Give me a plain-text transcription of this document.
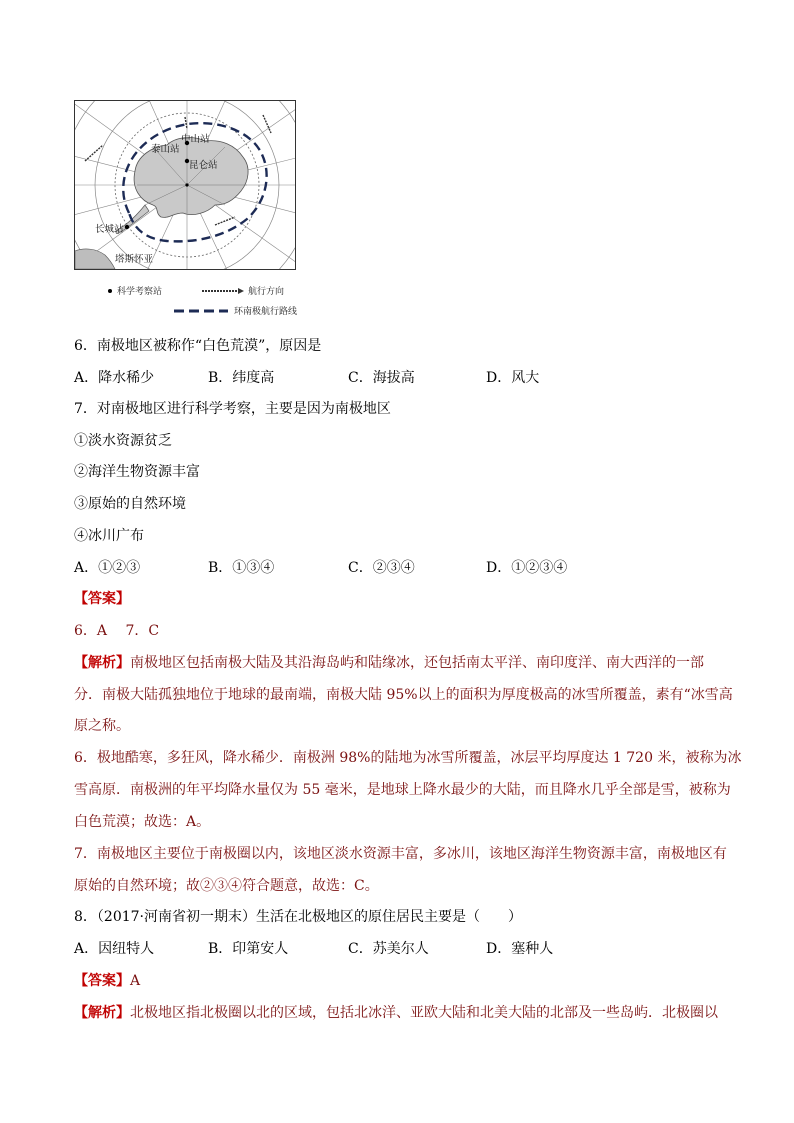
中山站
泰山站
昆仑站
长城站
塔斯怀亚
科学考察站	航行方向
环南极航行路线
6．南极地区被称作“白色荒漠”，原因是
A．降水稀少	B．纬度高	C．海拔高	D．风大
7．对南极地区进行科学考察，主要是因为南极地区
①淡水资源贫乏
②海洋生物资源丰富
③原始的自然环境
④冰川广布
A．①②③	B．①③④	C．②③④	D．①②③④
【答案】
6．A　 7．C
【解析】南极地区包括南极大陆及其沿海岛屿和陆缘冰，还包括南太平洋、南印度洋、南大西洋的一部
分．南极大陆孤独地位于地球的最南端，南极大陆 95%以上的面积为厚度极高的冰雪所覆盖，素有“冰雪高
原之称。
6．极地酷寒，多狂风，降水稀少．南极洲 98%的陆地为冰雪所覆盖，冰层平均厚度达 1 720 米，被称为冰
雪高原．南极洲的年平均降水量仅为 55 毫米，是地球上降水最少的大陆，而且降水几乎全部是雪，被称为
白色荒漠；故选：A。
7．南极地区主要位于南极圈以内，该地区淡水资源丰富，多冰川，该地区海洋生物资源丰富，南极地区有
原始的自然环境；故②③④符合题意，故选：C。
8．（2017·河南省初一期末）生活在北极地区的原住居民主要是（　　）
A．因纽特人	B．印第安人	C．苏美尔人	D．塞种人
【答案】A
【解析】北极地区指北极圈以北的区域，包括北冰洋、亚欧大陆和北美大陆的北部及一些岛屿．北极圈以
